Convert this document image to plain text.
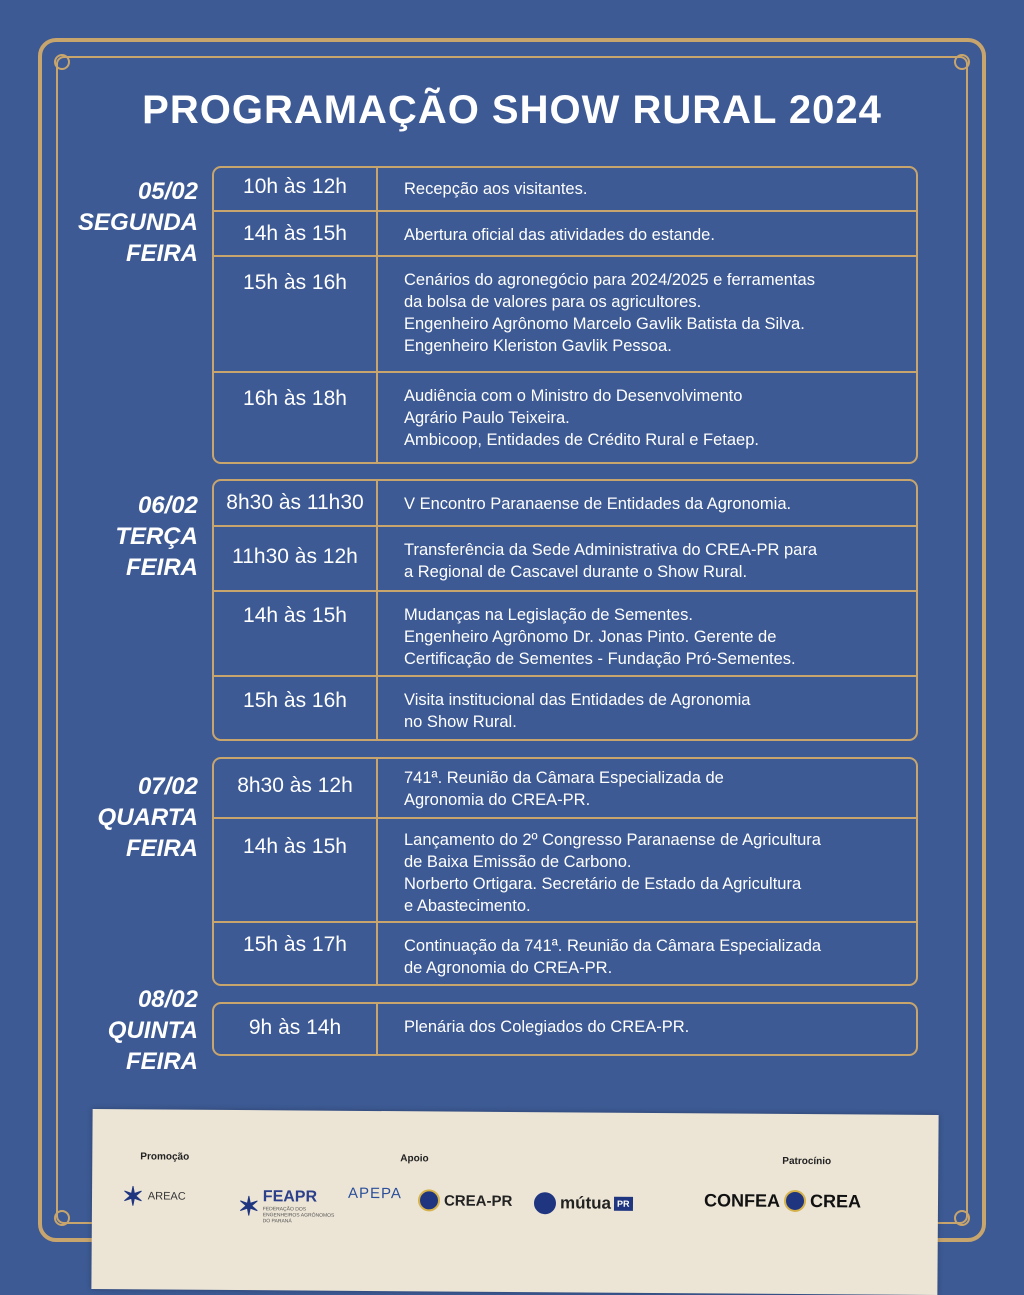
PROGRAMAÇÃO SHOW RURAL 2024
05/02
SEGUNDA
FEIRA
10h às 12h	Recepção aos visitantes.
14h às 15h	Abertura oficial das atividades do estande.
15h às 16h	Cenários do agronegócio para 2024/2025 e ferramentas
da bolsa de valores para os agricultores.
Engenheiro Agrônomo Marcelo Gavlik Batista da Silva.
Engenheiro Kleriston Gavlik Pessoa.
16h às 18h	Audiência com o Ministro do Desenvolvimento
Agrário Paulo Teixeira.
Ambicoop, Entidades de Crédito Rural e Fetaep.
06/02
TERÇA
FEIRA
8h30 às 11h30	V Encontro Paranaense de Entidades da Agronomia.
11h30 às 12h	Transferência da Sede Administrativa do CREA-PR para
a Regional de Cascavel durante o Show Rural.
14h às 15h	Mudanças na Legislação de Sementes.
Engenheiro Agrônomo Dr. Jonas Pinto. Gerente de
Certificação de Sementes - Fundação Pró-Sementes.
15h às 16h	Visita institucional das Entidades de Agronomia
no Show Rural.
07/02
QUARTA
FEIRA
8h30 às 12h	741ª. Reunião da Câmara Especializada de
Agronomia do CREA-PR.
14h às 15h	Lançamento do 2º Congresso Paranaense de Agricultura
de Baixa Emissão de Carbono.
Norberto Ortigara. Secretário de Estado da Agricultura
e Abastecimento.
15h às 17h	Continuação da 741ª. Reunião da Câmara Especializada
de Agronomia do CREA-PR.
08/02
QUINTA
FEIRA
9h às 14h	Plenária dos Colegiados do CREA-PR.
Promoção	Apoio	Patrocínio
✶ AREAC ✶ FEAPR
FEDERAÇÃO DOS ENGENHEIROS AGRÔNOMOS DO PARANÁ
APEPA	CREA-PR	mútua PR	CONFEA CREA
